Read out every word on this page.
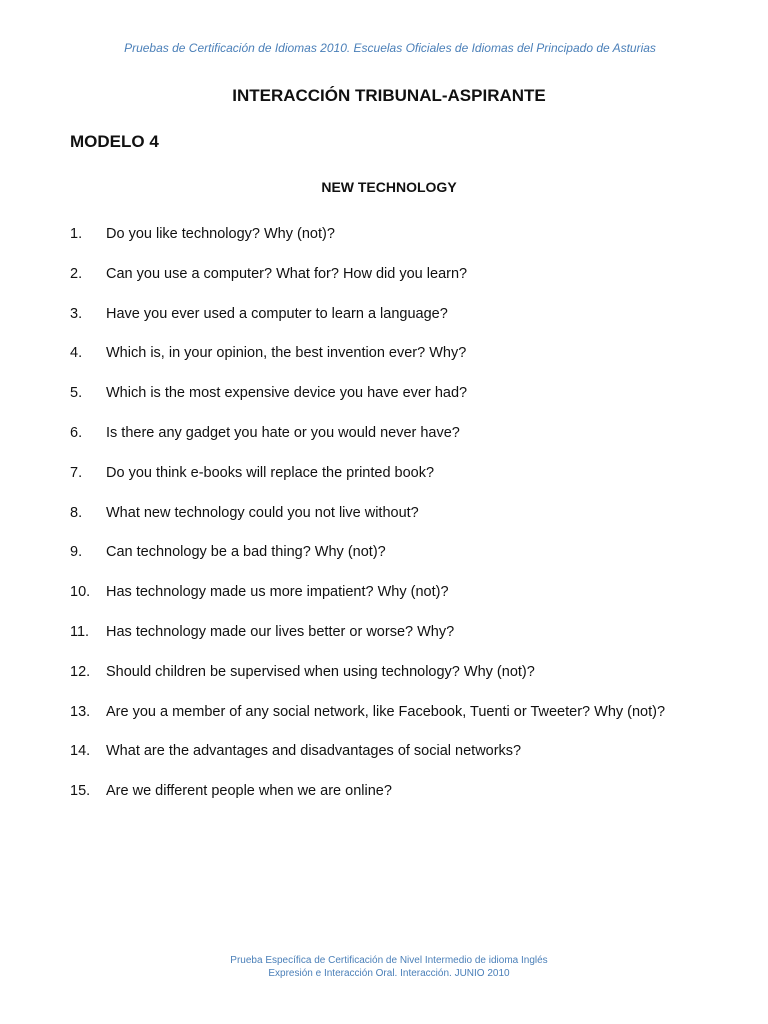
Pruebas de Certificación de Idiomas 2010. Escuelas Oficiales de Idiomas del Principado de Asturias
INTERACCIÓN TRIBUNAL-ASPIRANTE
MODELO 4
NEW TECHNOLOGY
1.	Do you like technology? Why (not)?
2.	Can you use a computer? What for? How did you learn?
3.	Have you ever used a computer to learn a language?
4.	Which is, in your opinion, the best invention ever? Why?
5.	Which is the most expensive device you have ever had?
6.	Is there any gadget you hate or you would never have?
7.	Do you think e-books will replace the printed book?
8.	What new technology could you not live without?
9.	Can technology be a bad thing? Why (not)?
10.	Has technology made us more impatient? Why (not)?
11.	Has technology made our lives better or worse? Why?
12.	Should children be supervised when using technology? Why (not)?
13.	Are you a member of any social network, like Facebook, Tuenti or Tweeter? Why (not)?
14.	What are the advantages and disadvantages of social networks?
15.	Are we different people when we are online?
Prueba Específica de Certificación de Nivel Intermedio de idioma Inglés
Expresión e Interacción Oral. Interacción. JUNIO 2010
